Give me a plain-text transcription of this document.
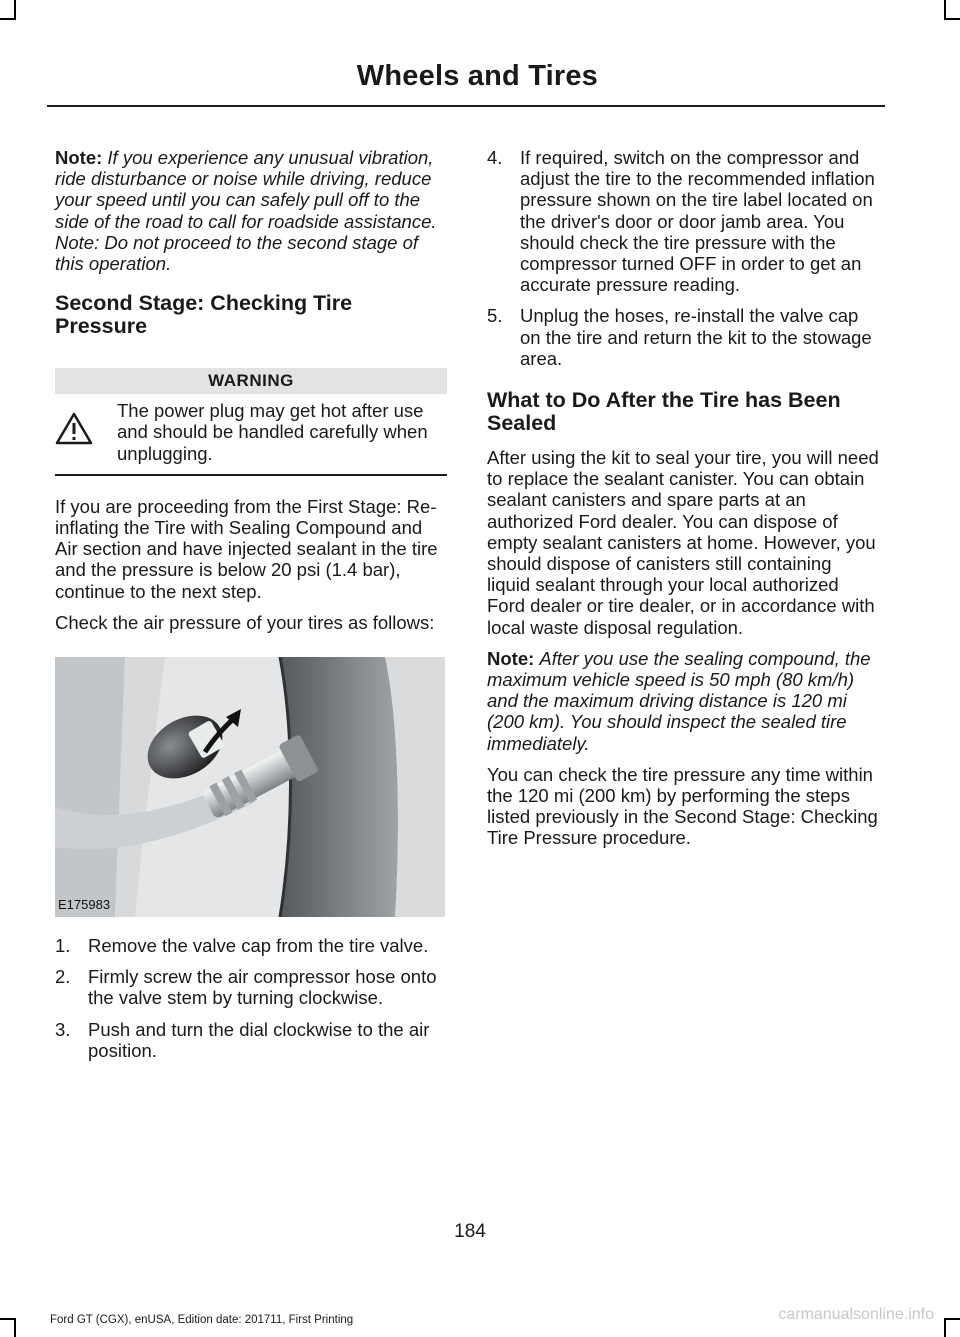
Wheels and Tires

Note: If you experience any unusual vibration, ride disturbance or noise while driving, reduce your speed until you can safely pull off to the side of the road to call for roadside assistance. Note: Do not proceed to the second stage of this operation.

Second Stage: Checking Tire Pressure
WARNING
The power plug may get hot after use and should be handled carefully when unplugging.

If you are proceeding from the First Stage: Re-inflating the Tire with Sealing Compound and Air section and have injected sealant in the tire and the pressure is below 20 psi (1.4 bar), continue to the next step.

Check the air pressure of your tires as follows:

E175983
1. Remove the valve cap from the tire valve.
2. Firmly screw the air compressor hose onto the valve stem by turning clockwise.
3. Push and turn the dial clockwise to the air position.
4. If required, switch on the compressor and adjust the tire to the recommended inflation pressure shown on the tire label located on the driver's door or door jamb area. You should check the tire pressure with the compressor turned OFF in order to get an accurate pressure reading.
5. Unplug the hoses, re-install the valve cap on the tire and return the kit to the stowage area.
What to Do After the Tire has Been Sealed

After using the kit to seal your tire, you will need to replace the sealant canister. You can obtain sealant canisters and spare parts at an authorized Ford dealer. You can dispose of empty sealant canisters at home. However, you should dispose of canisters still containing liquid sealant through your local authorized Ford dealer or tire dealer, or in accordance with local waste disposal regulation.

Note: After you use the sealing compound, the maximum vehicle speed is 50 mph (80 km/h) and the maximum driving distance is 120 mi (200 km). You should inspect the sealed tire immediately.

You can check the tire pressure any time within the 120 mi (200 km) by performing the steps listed previously in the Second Stage: Checking Tire Pressure procedure.

184
Ford GT (CGX), enUSA, Edition date: 201711, First Printing	carmanualsonline.info
